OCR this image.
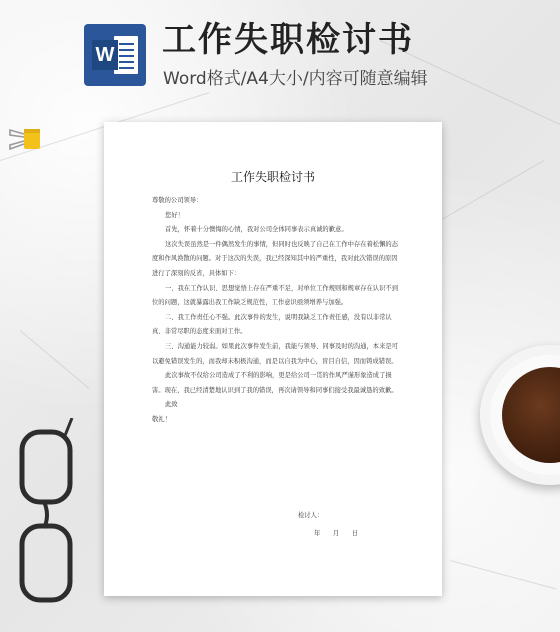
W 工作失职检讨书

Word格式/A4大小/内容可随意编辑

工作失职检讨书

尊敬的公司领导：

您好！

首先，怀着十分懊悔的心情，我对公司全体同事表示真诚的歉意。

这次失误虽然是一件偶然发生的事情，但同时也反映了自己在工作中存在着松懈的态度和作风涣散的问题。对于这次的失误，我已经深知其中的严重性，我对此次错误的原因进行了深刻的反省，具体如下：

一、我在工作认识、思想觉悟上存在严重不足，对单位工作规则和规章存在认识不到位的问题，这就暴露出我工作缺乏规范性，工作意识亟须增养与加强。

二、我工作责任心不强。此次事件的发生，说明我缺乏工作责任感，没有以非常认真、非常尽职的态度来面对工作。

三、沟通能力较弱。如果此次事件发生前，我能与领导、同事及时的沟通，本来是可以避免错误发生的，而我却未积极沟通，而是以自我为中心，盲目自信，因而铸成错误。

此次事故不仅给公司造成了不利的影响，更是给公司一贯的作风严谨形象造成了损害。现在，我已经清楚地认识到了我的错误，再次请领导和同事们接受我最诚恳的致歉。

此致

敬礼！

检讨人：
年　　月　　日
